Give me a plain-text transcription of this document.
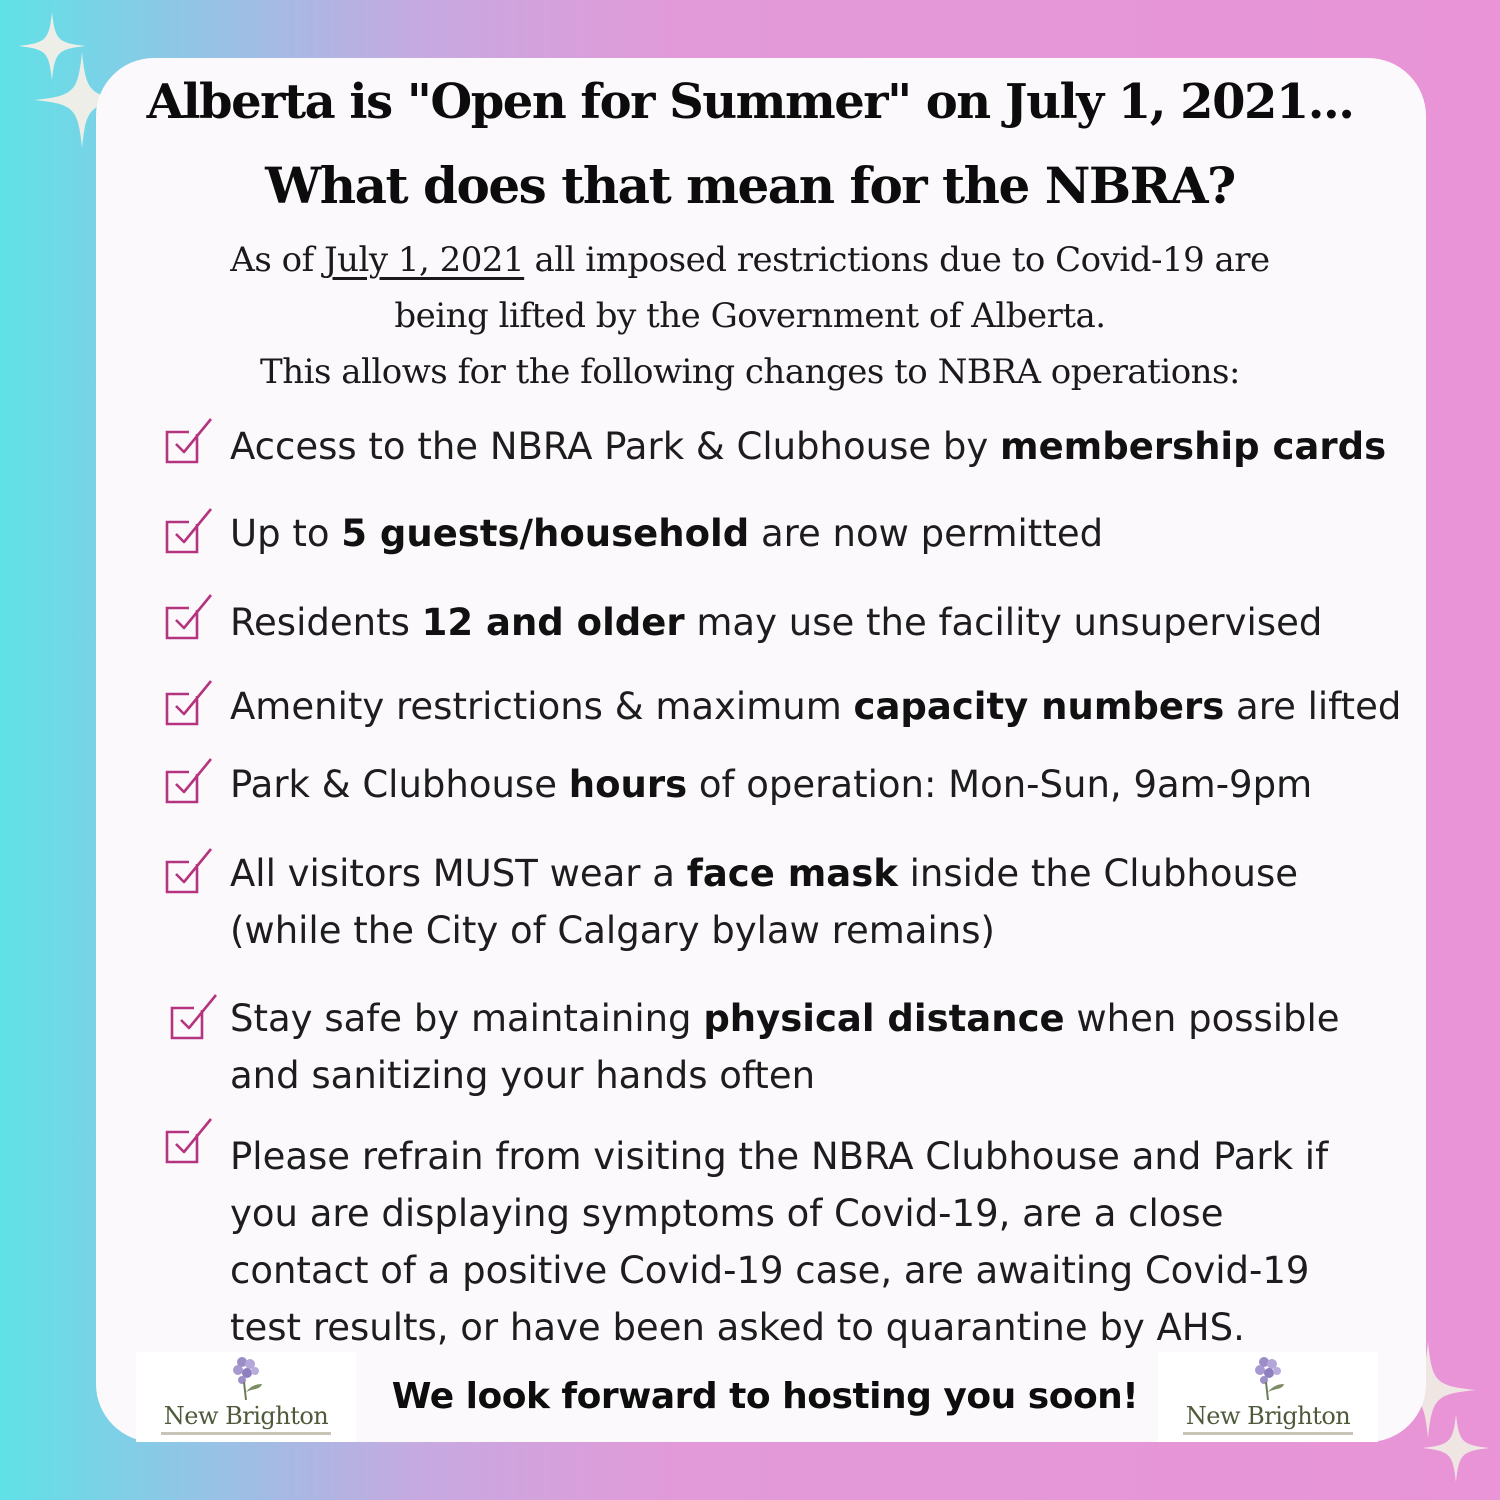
Alberta is "Open for Summer" on July 1, 2021...
What does that mean for the NBRA?
As of July 1, 2021 all imposed restrictions due to Covid-19 are
being lifted by the Government of Alberta.
This allows for the following changes to NBRA operations:
Access to the NBRA Park & Clubhouse by membership cards
Up to 5 guests/household are now permitted
Residents 12 and older may use the facility unsupervised
Amenity restrictions & maximum capacity numbers are lifted
Park & Clubhouse hours of operation: Mon-Sun, 9am-9pm
All visitors MUST wear a face mask inside the Clubhouse
(while the City of Calgary bylaw remains)
Stay safe by maintaining physical distance when possible
and sanitizing your hands often
Please refrain from visiting the NBRA Clubhouse and Park if
you are displaying symptoms of Covid-19, are a close
contact of a positive Covid-19 case, are awaiting Covid-19
test results, or have been asked to quarantine by AHS.
New Brighton	We look forward to hosting you soon!	New Brighton
